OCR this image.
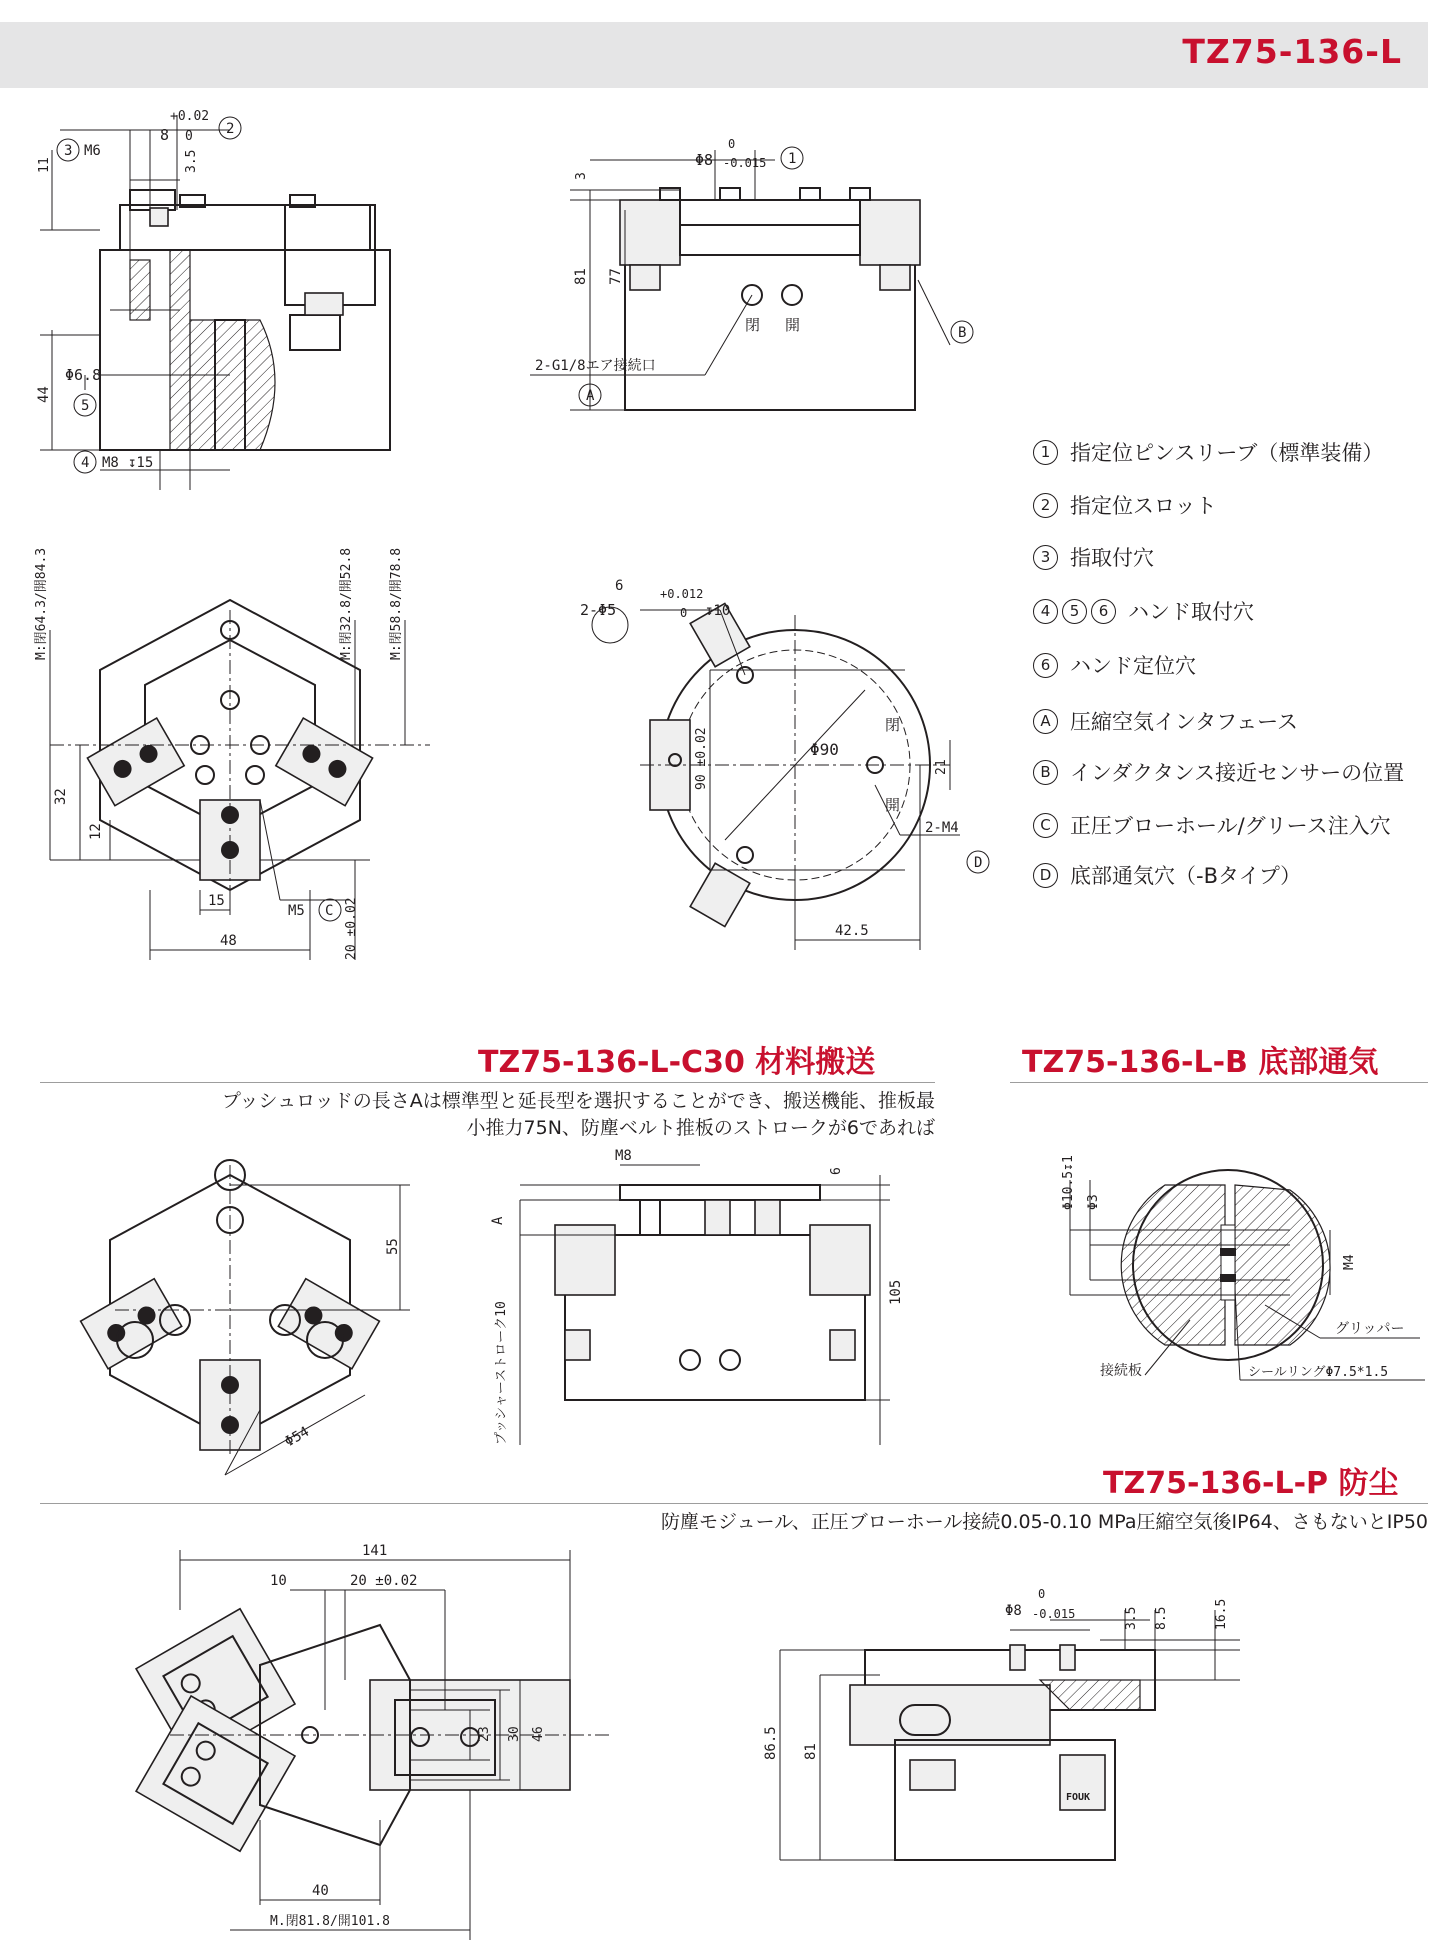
TZ75-136-L
+0.02
0
8	2
3 M6
11	3.5
44
Φ6.8
5
4 M8 ↧15
閉 開
3
81 77
Φ8
0
-0.015 1
2-G1/8エア接続口
A
B
M:閉64.3/開84.3	M:閉32.8/開52.8	M:閉58.8/開78.8
32
12
15
48
M5 C 20 ±0.02
6
2-Φ5
+0.012
0 ↧10
Φ90
90 ±0.02	21
閉
開
2-M4
D
42.5
1 指定位ピンスリーブ（標準装備）
2 指定位スロット
3 指取付穴
4	5	6 ハンド取付穴
6 ハンド定位穴
A 圧縮空気インタフェース
B インダクタンス接近センサーの位置
C 正圧ブローホール/グリース注入穴
D 底部通気穴（-Bタイプ）
TZ75-136-L-C30 材料搬送
プッシュロッドの長さAは標準型と延長型を選択することができ、搬送機能、推板最
小推力75N、防塵ベルト推板のストロークが6であれば
55
Φ54
M8
6
A
105
プッシャーストローク10
TZ75-136-L-B 底部通気
Φ10.5↧1 Φ3
M4
グリッパー
接続板	シールリングΦ7.5*1.5
TZ75-136-L-P 防尘
防塵モジュール、正圧ブローホール接続0.05-0.10 MPa圧縮空気後IP64、さもないとIP50
141
10	20 ±0.02
23 30 46
40
M.閉81.8/開101.8
FOUK
Φ8
0
-0.015	3.5 8.5	16.5
86.5 81
